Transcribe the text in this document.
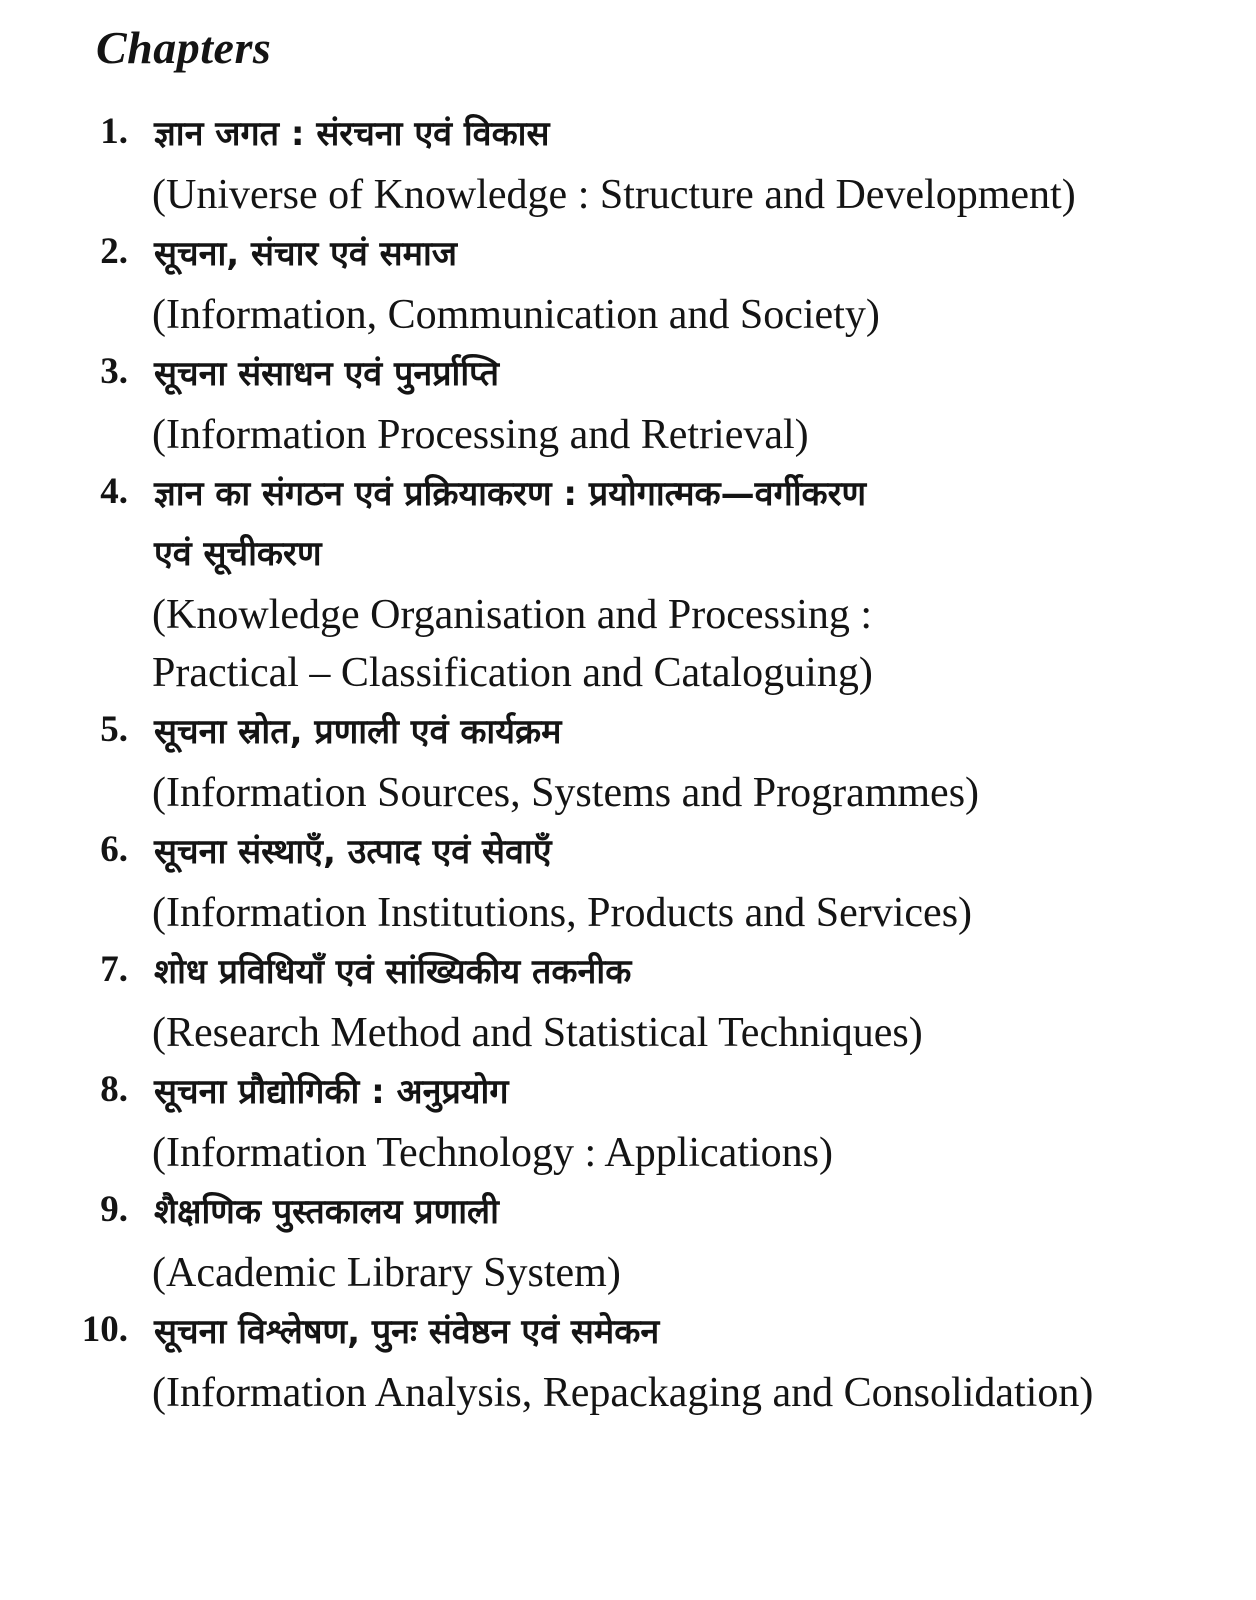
Chapters
1. ज्ञान जगत : संरचना एवं विकास
(Universe of Knowledge : Structure and Development)
2. सूचना, संचार एवं समाज
(Information, Communication and Society)
3. सूचना संसाधन एवं पुनर्प्राप्ति
(Information Processing and Retrieval)
4. ज्ञान का संगठन एवं प्रक्रियाकरण : प्रयोगात्मक—वर्गीकरण
एवं सूचीकरण
(Knowledge Organisation and Processing :
Practical – Classification and Cataloguing)
5. सूचना स्रोत, प्रणाली एवं कार्यक्रम
(Information Sources, Systems and Programmes)
6. सूचना संस्थाएँ, उत्पाद एवं सेवाएँ
(Information Institutions, Products and Services)
7. शोध प्रविधियाँ एवं सांख्यिकीय तकनीक
(Research Method and Statistical Techniques)
8. सूचना प्रौद्योगिकी : अनुप्रयोग
(Information Technology : Applications)
9. शैक्षणिक पुस्तकालय प्रणाली
(Academic Library System)
10. सूचना विश्लेषण, पुनः संवेष्ठन एवं समेकन
(Information Analysis, Repackaging and Consolidation)
